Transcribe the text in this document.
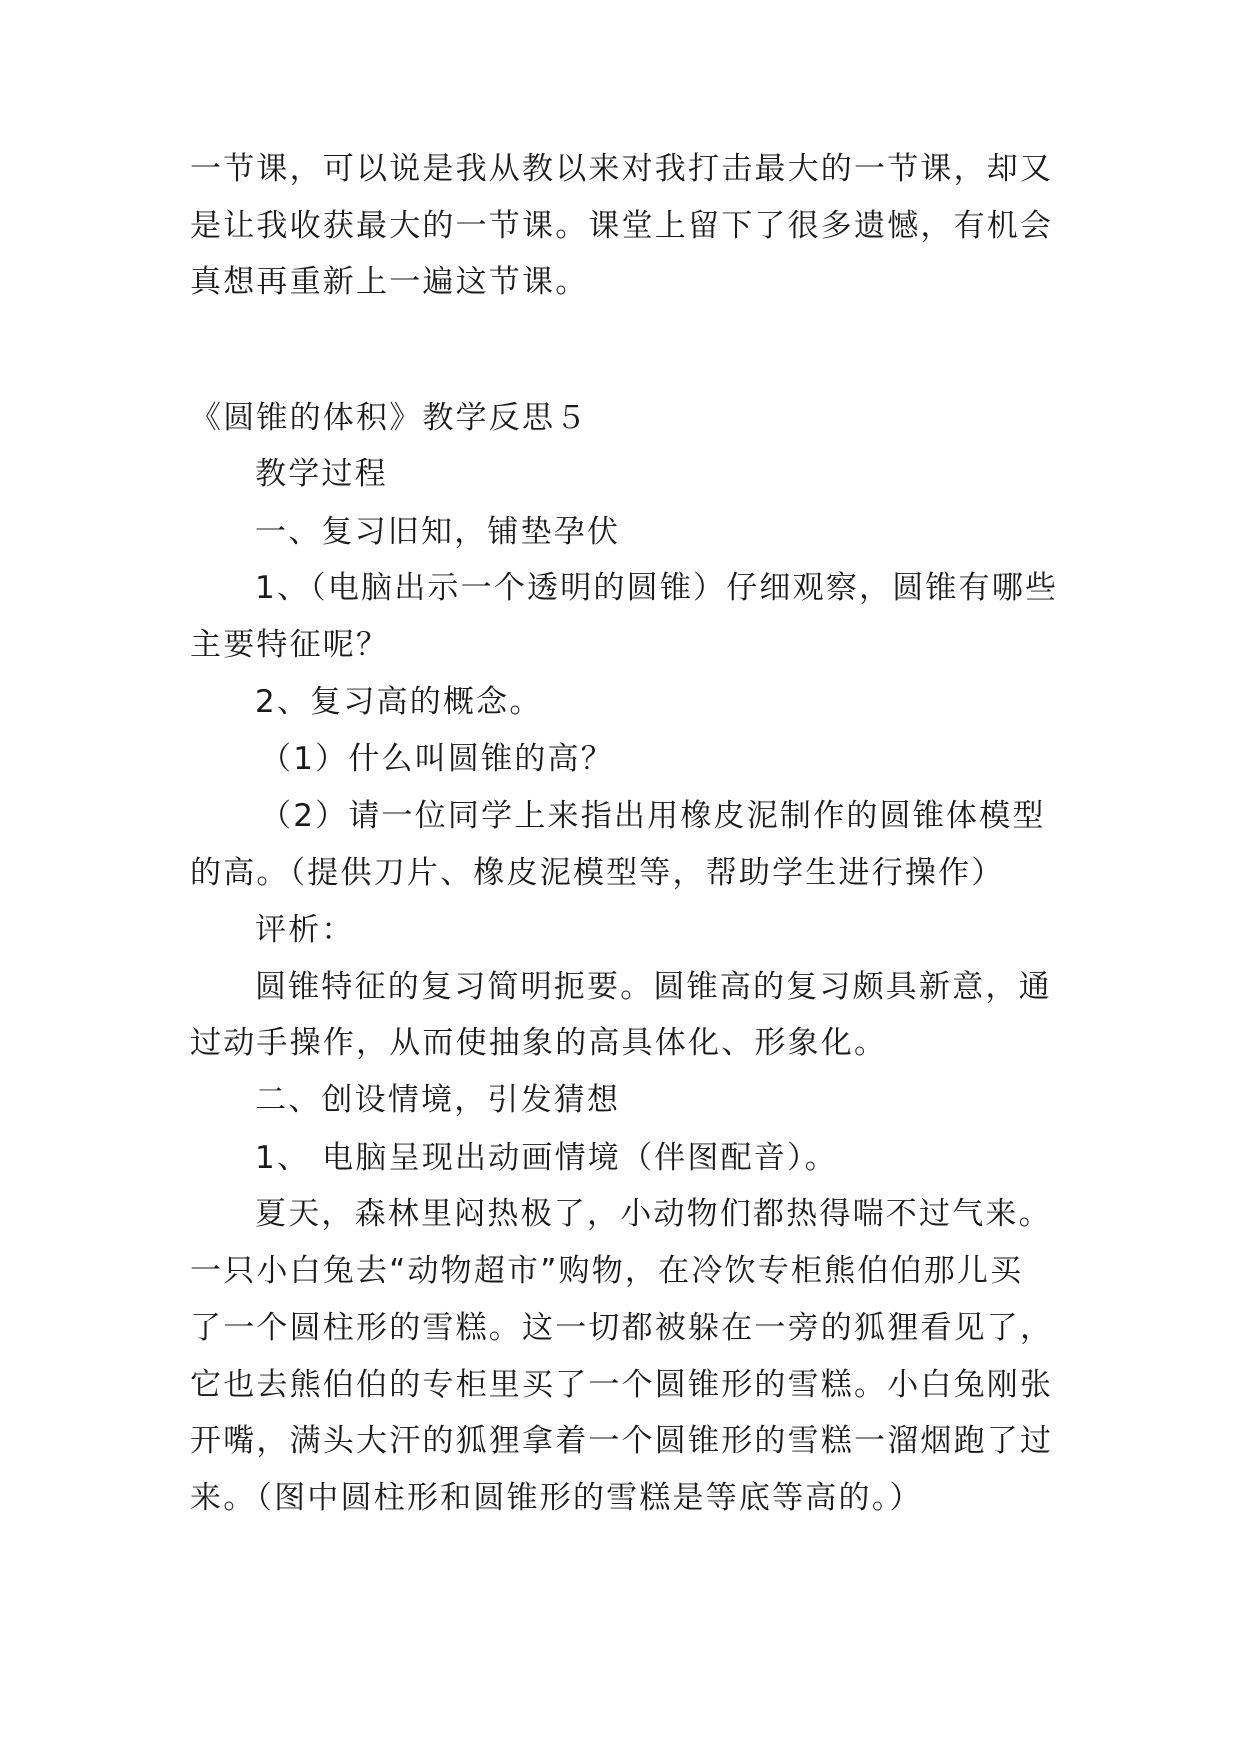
一节课，可以说是我从教以来对我打击最大的一节课，却又
是让我收获最大的一节课。课堂上留下了很多遗憾，有机会
真想再重新上一遍这节课。
《圆锥的体积》教学反思５
教学过程
一、复习旧知，铺垫孕伏
1、（电脑出示一个透明的圆锥）仔细观察，圆锥有哪些
主要特征呢？
2、复习高的概念。
（1）什么叫圆锥的高？
（2）请一位同学上来指出用橡皮泥制作的圆锥体模型
的高。（提供刀片、橡皮泥模型等，帮助学生进行操作）
评析：
圆锥特征的复习简明扼要。圆锥高的复习颇具新意，通
过动手操作，从而使抽象的高具体化、形象化。
二、创设情境，引发猜想
1、 电脑呈现出动画情境（伴图配音）。
夏天，森林里闷热极了，小动物们都热得喘不过气来。
一只小白兔去“动物超市”购物，在冷饮专柜熊伯伯那儿买
了一个圆柱形的雪糕。这一切都被躲在一旁的狐狸看见了，
它也去熊伯伯的专柜里买了一个圆锥形的雪糕。小白兔刚张
开嘴，满头大汗的狐狸拿着一个圆锥形的雪糕一溜烟跑了过
来。（图中圆柱形和圆锥形的雪糕是等底等高的。）
